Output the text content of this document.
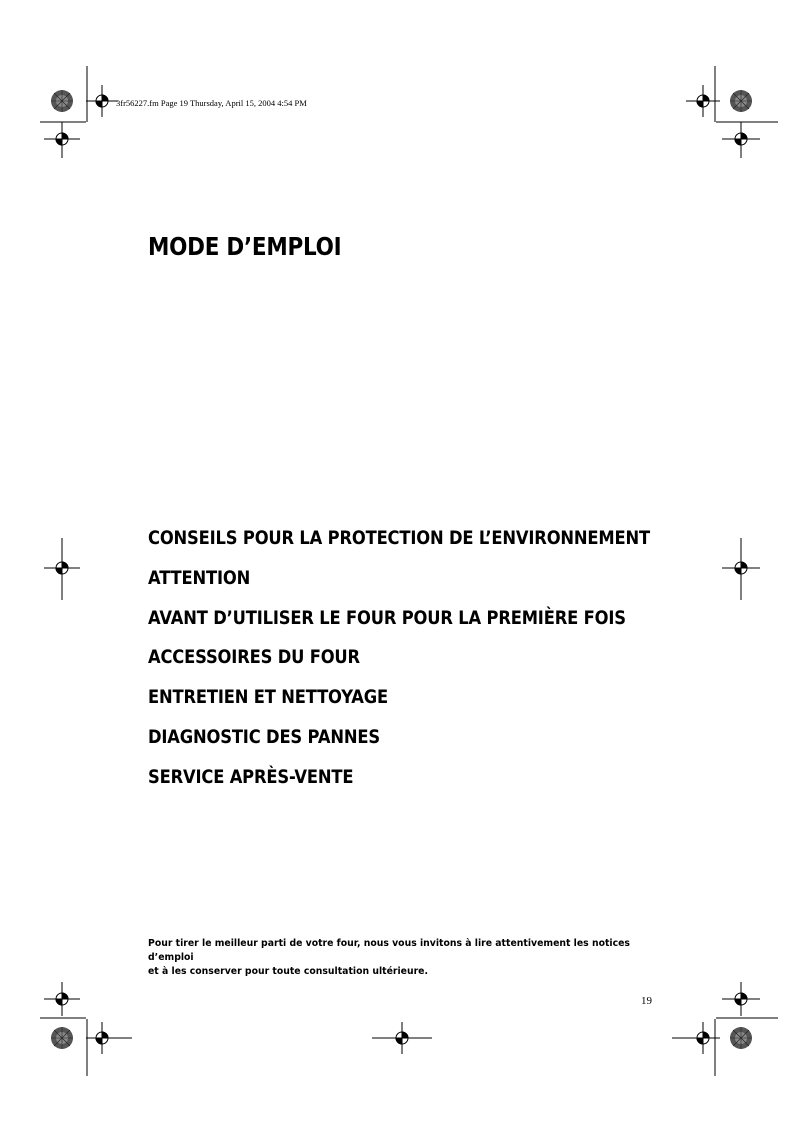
3fr56227.fm Page 19 Thursday, April 15, 2004 4:54 PM
MODE D’EMPLOI
CONSEILS POUR LA PROTECTION DE L’ENVIRONNEMENT
ATTENTION
AVANT D’UTILISER LE FOUR POUR LA PREMIÈRE FOIS
ACCESSOIRES DU FOUR
ENTRETIEN ET NETTOYAGE
DIAGNOSTIC DES PANNES
SERVICE APRÈS-VENTE
Pour tirer le meilleur parti de votre four, nous vous invitons à lire attentivement les notices d’emploi
et à les conserver pour toute consultation ultérieure.
19
